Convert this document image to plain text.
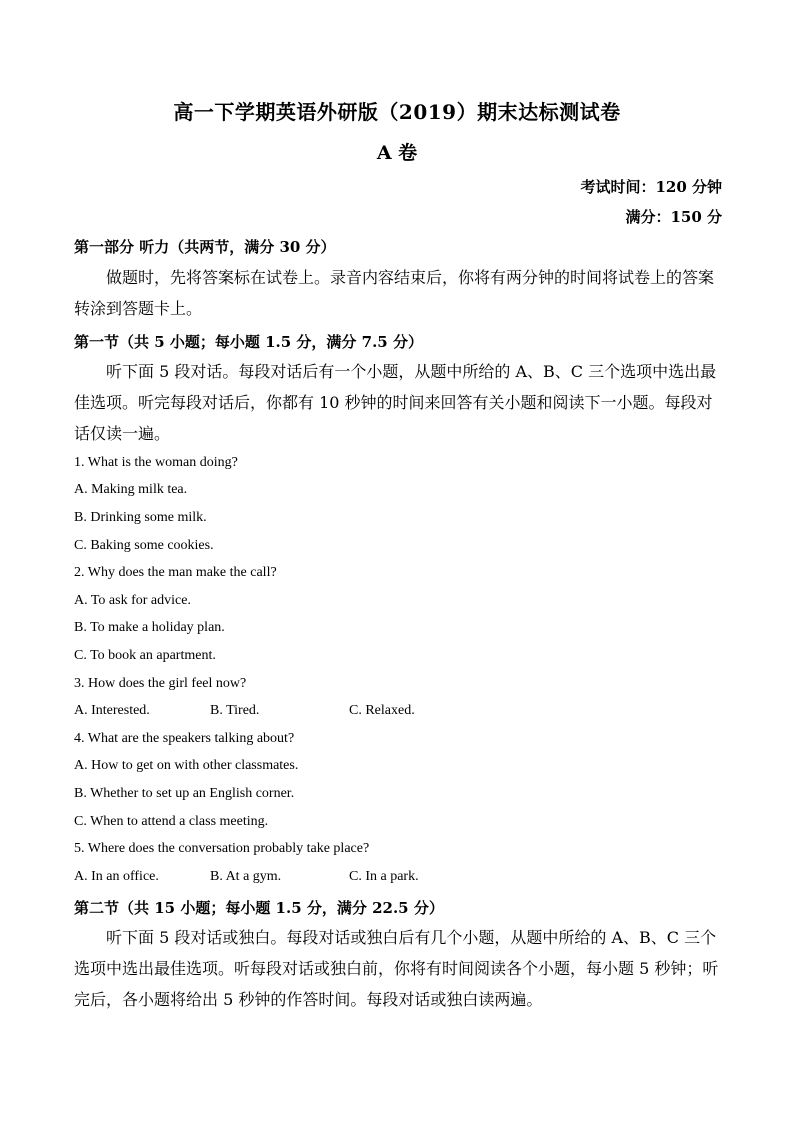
高一下学期英语外研版（2019）期末达标测试卷
A 卷
考试时间：120 分钟
满分：150 分
第一部分 听力（共两节，满分 30 分）
做题时，先将答案标在试卷上。录音内容结束后，你将有两分钟的时间将试卷上的答案转涂到答题卡上。
第一节（共 5 小题；每小题 1.5 分，满分 7.5 分）
听下面 5 段对话。每段对话后有一个小题，从题中所给的 A、B、C 三个选项中选出最佳选项。听完每段对话后，你都有 10 秒钟的时间来回答有关小题和阅读下一小题。每段对话仅读一遍。
1. What is the woman doing?
A. Making milk tea.
B. Drinking some milk.
C. Baking some cookies.
2. Why does the man make the call?
A. To ask for advice.
B. To make a holiday plan.
C. To book an apartment.
3. How does the girl feel now?
A. Interested.	B. Tired.	C. Relaxed.
4. What are the speakers talking about?
A. How to get on with other classmates.
B. Whether to set up an English corner.
C. When to attend a class meeting.
5. Where does the conversation probably take place?
A. In an office.	B. At a gym.	C. In a park.
第二节（共 15 小题；每小题 1.5 分，满分 22.5 分）
听下面 5 段对话或独白。每段对话或独白后有几个小题，从题中所给的 A、B、C 三个选项中选出最佳选项。听每段对话或独白前，你将有时间阅读各个小题，每小题 5 秒钟；听完后，各小题将给出 5 秒钟的作答时间。每段对话或独白读两遍。
